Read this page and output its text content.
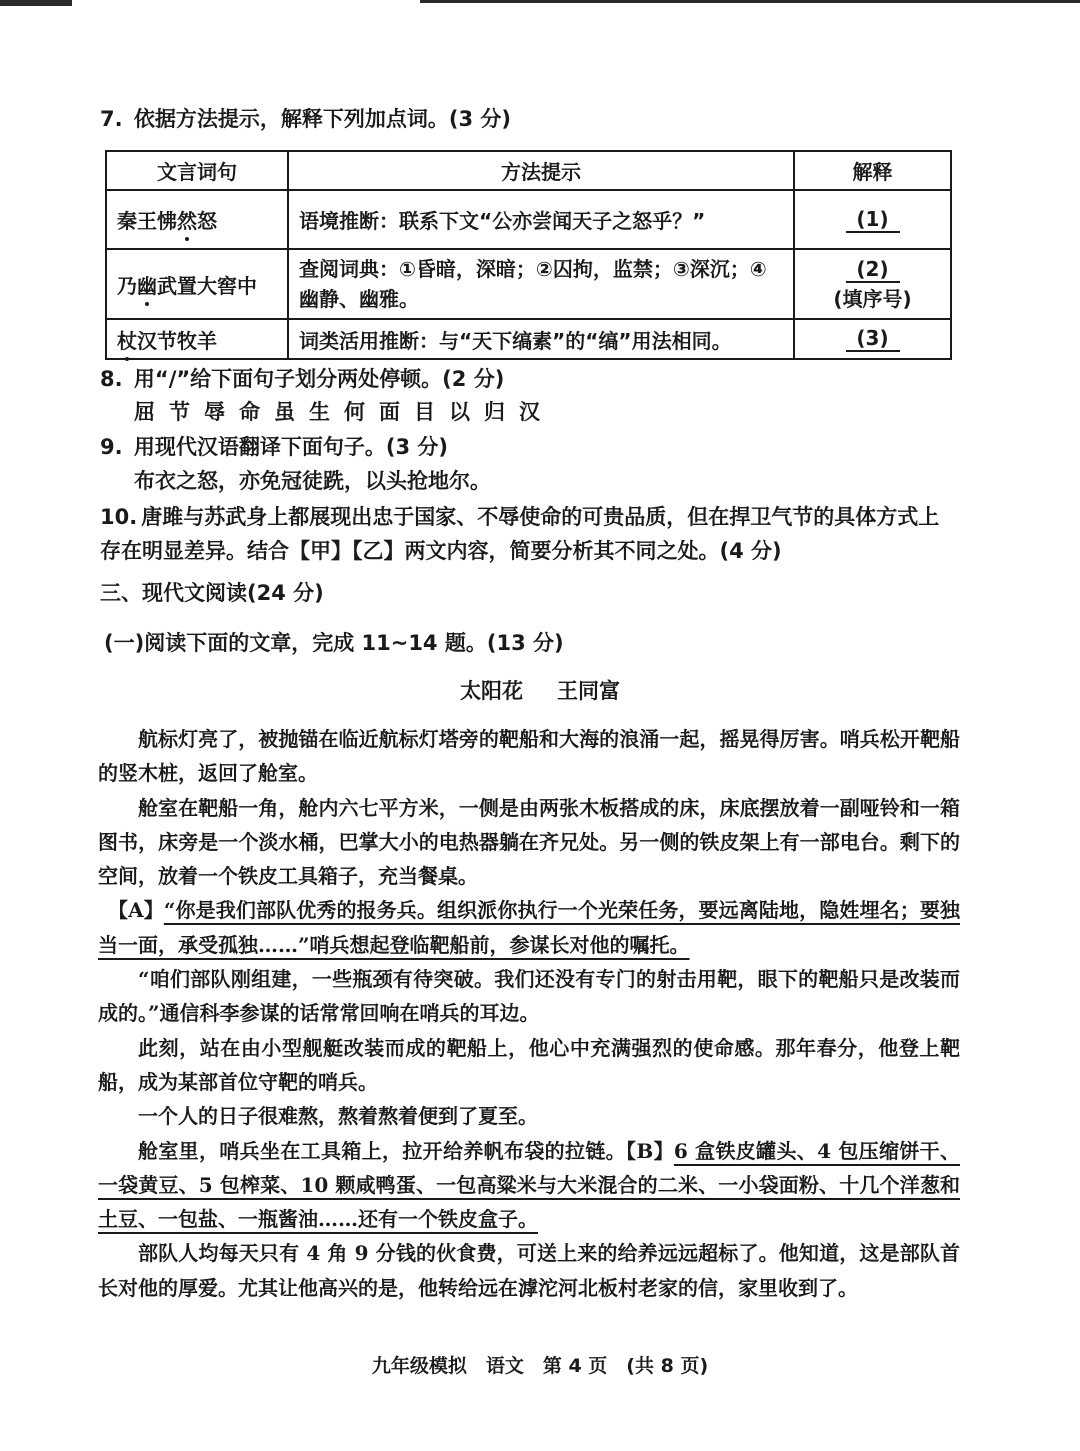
7. 依据方法提示，解释下列加点词。(3 分)
文言词句	方法提示	解释
秦王怫然怒	语境推断：联系下文“公亦尝闻天子之怒乎？”	(1)
乃幽武置大窖中	查阅词典：①昏暗，深暗；②囚拘，监禁；③深沉；④幽静、幽雅。	(2)
(填序号)
杖汉节牧羊	词类活用推断：与“天下缟素”的“缟”用法相同。	(3)
8. 用“/”给下面句子划分两处停顿。(2 分)
屈节辱命虽生何面目以归汉
9. 用现代汉语翻译下面句子。(3 分)
布衣之怒，亦免冠徒跣，以头抢地尔。
10. 唐雎与苏武身上都展现出忠于国家、不辱使命的可贵品质，但在捍卫气节的具体方式上
存在明显差异。结合【甲】【乙】两文内容，简要分析其不同之处。(4 分)
三、现代文阅读(24 分)
(一)阅读下面的文章，完成 11~14 题。(13 分)
太阳花 王同富

航标灯亮了，被抛锚在临近航标灯塔旁的靶船和大海的浪涌一起，摇晃得厉害。哨兵松开靶船的竖木桩，返回了舱室。

舱室在靶船一角，舱内六七平方米，一侧是由两张木板搭成的床，床底摆放着一副哑铃和一箱图书，床旁是一个淡水桶，巴掌大小的电热器躺在齐兄处。另一侧的铁皮架上有一部电台。剩下的空间，放着一个铁皮工具箱子，充当餐桌。

【A】“你是我们部队优秀的报务兵。组织派你执行一个光荣任务，要远离陆地，隐姓埋名；要独当一面，承受孤独……”哨兵想起登临靶船前，参谋长对他的嘱托。

“咱们部队刚组建，一些瓶颈有待突破。我们还没有专门的射击用靶，眼下的靶船只是改装而成的。”通信科李参谋的话常常回响在哨兵的耳边。

此刻，站在由小型舰艇改装而成的靶船上，他心中充满强烈的使命感。那年春分，他登上靶船，成为某部首位守靶的哨兵。

一个人的日子很难熬，熬着熬着便到了夏至。

舱室里，哨兵坐在工具箱上，拉开给养帆布袋的拉链。【B】6 盒铁皮罐头、4 包压缩饼干、一袋黄豆、5 包榨菜、10 颗咸鸭蛋、一包高粱米与大米混合的二米、一小袋面粉、十几个洋葱和土豆、一包盐、一瓶酱油……还有一个铁皮盒子。

部队人均每天只有 4 角 9 分钱的伙食费，可送上来的给养远远超标了。他知道，这是部队首长对他的厚爱。尤其让他高兴的是，他转给远在滹沱河北板村老家的信，家里收到了。

九年级模拟　语文　第 4 页　(共 8 页)
